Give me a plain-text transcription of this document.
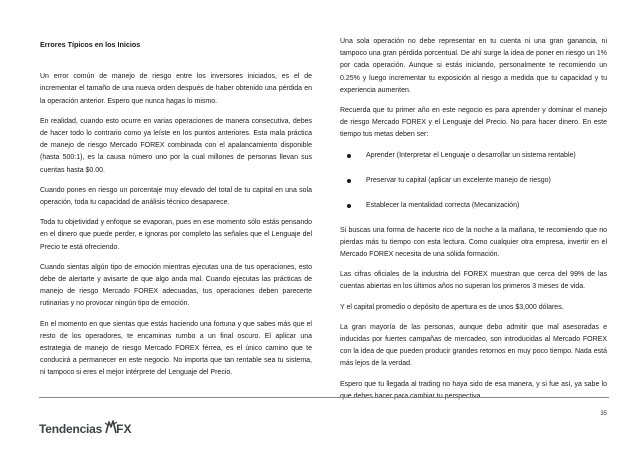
Errores Típicos en los Inicios

Un error común de manejo de riesgo entre los inversores iniciados, es el de incrementar el tamaño de una nueva orden después de haber obtenido una pérdida en la operación anterior. Espero que nunca hagas lo mismo.

En realidad, cuando esto ocurre en varias operaciones de manera consecutiva, debes de hacer todo lo contrario como ya leíste en los puntos anteriores. Esta mala práctica de manejo de riesgo Mercado FOREX combinada con el apalancamiento disponible (hasta 500:1), es la causa número uno por la cual millones de personas llevan sus cuentas hasta $0.00.

Cuando pones en riesgo un porcentaje muy elevado del total de tu capital en una sola operación, toda tu capacidad de análisis técnico desaparece.

Toda tu objetividad y enfoque se evaporan, pues en ese momento sólo estás pensando en el dinero que puede perder, e ignoras por completo las señales que el Lenguaje del Precio te está ofreciendo.

Cuando sientas algún tipo de emoción mientras ejecutas una de tus operaciones, esto debe de alertarte y avisarte de que algo anda mal. Cuando ejecutas las prácticas de manejo de riesgo Mercado FOREX adecuadas, tus operaciones deben parecerte rutinarias y no provocar ningún tipo de emoción.

En el momento en que sientas que estás haciendo una fortuna y que sabes más que el resto de los operadores, te encaminas rumbo a un final oscuro. El aplicar una estrategia de manejo de riesgo Mercado FOREX férrea, es el único camino que te conducirá a permanecer en este negocio. No importa que tan rentable sea tu sistema, ni tampoco si eres el mejor intérprete del Lenguaje del Precio.

Una sola operación no debe representar en tu cuenta ni una gran ganancia, ni tampoco una gran pérdida porcentual. De ahí surge la idea de poner en riesgo un 1% por cada operación. Aunque si estás iniciando, personalmente te recomiendo un 0.25% y luego incrementar tu exposición al riesgo a medida que tu capacidad y tu experiencia aumenten.

Recuerda que tu primer año en este negocio es para aprender y dominar el manejo de riesgo Mercado FOREX y el Lenguaje del Precio. No para hacer dinero. En este tiempo tus metas deben ser:

Aprender (Interpretar el Lenguaje o desarrollar un sistema rentable)
Preservar tu capital (aplicar un excelente manejo de riesgo)
Establecer la mentalidad correcta (Mecanización)

Si buscas una forma de hacerte rico de la noche a la mañana, te recomiendo que no pierdas más tu tiempo con esta lectura. Como cualquier otra empresa, invertir en el Mercado FOREX necesita de una sólida formación.

Las cifras oficiales de la industria del FOREX muestran que cerca del 99% de las cuentas abiertas en los últimos años no superan los primeros 3 meses de vida.

Y el capital promedio o depósito de apertura es de unos $3,000 dólares.

La gran mayoría de las personas, aunque debo admitir que mal asesoradas e inducidas por fuertes campañas de mercadeo, son introducidas al Mercado FOREX con la idea de que pueden producir grandes retornos en muy poco tiempo. Nada está más lejos de la verdad.

Espero que tu llegada al trading no haya sido de esa manera, y si fue así, ya sabe lo

Tendencias FX
35
